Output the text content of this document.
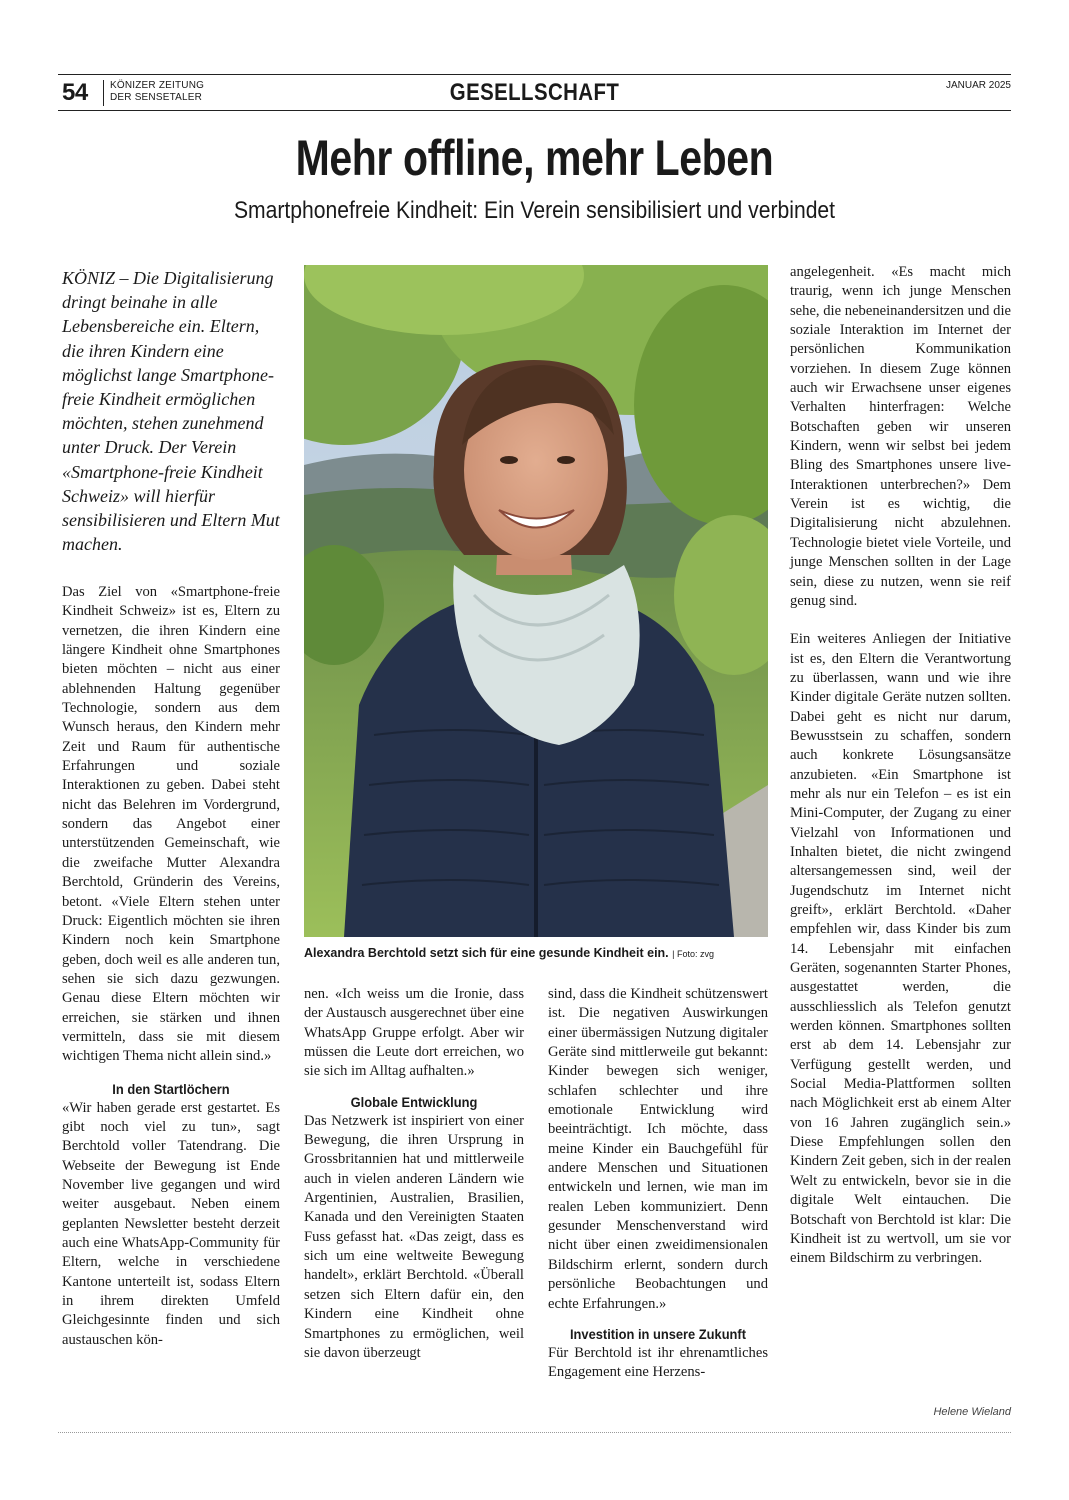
54 KÖNIZER ZEITUNG
DER SENSETALER	GESELLSCHAFT	JANUAR 2025
Mehr offline, mehr Leben
Smartphonefreie Kindheit: Ein Verein sensibilisiert und verbindet
KÖNIZ – Die Digitalisierung dringt beinahe in alle Lebensbereiche ein. Eltern, die ihren Kindern eine möglichst lange Smartphone-freie Kindheit ermöglichen möchten, stehen zunehmend unter Druck. Der Verein «Smartphone-freie Kindheit Schweiz» will hierfür sensibilisieren und Eltern Mut machen.

Das Ziel von «Smartphone-freie Kindheit Schweiz» ist es, Eltern zu vernetzen, die ihren Kindern eine längere Kindheit ohne Smartphones bieten möchten – nicht aus einer ablehnenden Haltung gegenüber Technologie, sondern aus dem Wunsch heraus, den Kindern mehr Zeit und Raum für authentische Erfahrungen und soziale Interaktionen zu geben. Dabei steht nicht das Belehren im Vordergrund, sondern das Angebot einer unterstützenden Gemeinschaft, wie die zweifache Mutter Alexandra Berchtold, Gründerin des Vereins, betont. «Viele Eltern stehen unter Druck: Eigentlich möchten sie ihren Kindern noch kein Smartphone geben, doch weil es alle anderen tun, sehen sie sich dazu gezwungen. Genau diese Eltern möchten wir erreichen, sie stärken und ihnen vermitteln, dass sie mit diesem wichtigen Thema nicht allein sind.»

In den Startlöchern

«Wir haben gerade erst gestartet. Es gibt noch viel zu tun», sagt Berchtold voller Tatendrang. Die Webseite der Bewegung ist Ende November live gegangen und wird weiter ausgebaut. Neben einem geplanten Newsletter besteht derzeit auch eine WhatsApp-Community für Eltern, welche in verschiedene Kantone unterteilt ist, sodass Eltern in ihrem direkten Umfeld Gleichgesinnte finden und sich austauschen kön-

Alexandra Berchtold setzt sich für eine gesunde Kindheit ein. | Foto: zvg

nen. «Ich weiss um die Ironie, dass der Austausch ausgerechnet über eine WhatsApp Gruppe erfolgt. Aber wir müssen die Leute dort erreichen, wo sie sich im Alltag aufhalten.»

Globale Entwicklung

Das Netzwerk ist inspiriert von einer Bewegung, die ihren Ursprung in Grossbritannien hat und mittlerweile auch in vielen anderen Ländern wie Argentinien, Australien, Brasilien, Kanada und den Vereinigten Staaten Fuss gefasst hat. «Das zeigt, dass es sich um eine weltweite Bewegung handelt», erklärt Berchtold. «Überall setzen sich Eltern dafür ein, den Kindern eine Kindheit ohne Smartphones zu ermöglichen, weil sie davon überzeugt

sind, dass die Kindheit schützenswert ist. Die negativen Auswirkungen einer übermässigen Nutzung digitaler Geräte sind mittlerweile gut bekannt: Kinder bewegen sich weniger, schlafen schlechter und ihre emotionale Entwicklung wird beeinträchtigt. Ich möchte, dass meine Kinder ein Bauchgefühl für andere Menschen und Situationen entwickeln und lernen, wie man im realen Leben kommuniziert. Denn gesunder Menschenverstand wird nicht über einen zweidimensionalen Bildschirm erlernt, sondern durch persönliche Beobachtungen und echte Erfahrungen.»

Investition in unsere Zukunft

Für Berchtold ist ihr ehrenamtliches Engagement eine Herzens-

angelegenheit. «Es macht mich traurig, wenn ich junge Menschen sehe, die nebeneinandersitzen und die soziale Interaktion im Internet der persönlichen Kommunikation vorziehen. In diesem Zuge können auch wir Erwachsene unser eigenes Verhalten hinterfragen: Welche Botschaften geben wir unseren Kindern, wenn wir selbst bei jedem Bling des Smartphones unsere live-Interaktionen unterbrechen?» Dem Verein ist es wichtig, die Digitalisierung nicht abzulehnen. Technologie bietet viele Vorteile, und junge Menschen sollten in der Lage sein, diese zu nutzen, wenn sie reif genug sind.

Ein weiteres Anliegen der Initiative ist es, den Eltern die Verantwortung zu überlassen, wann und wie ihre Kinder digitale Geräte nutzen sollten. Dabei geht es nicht nur darum, Bewusstsein zu schaffen, sondern auch konkrete Lösungsansätze anzubieten. «Ein Smartphone ist mehr als nur ein Telefon – es ist ein Mini-Computer, der Zugang zu einer Vielzahl von Informationen und Inhalten bietet, die nicht zwingend altersangemessen sind, weil der Jugendschutz im Internet nicht greift», erklärt Berchtold. «Daher empfehlen wir, dass Kinder bis zum 14. Lebensjahr mit einfachen Geräten, sogenannten Starter Phones, ausgestattet werden, die ausschliesslich als Telefon genutzt werden können. Smartphones sollten erst ab dem 14. Lebensjahr zur Verfügung gestellt werden, und Social Media-Plattformen sollten nach Möglichkeit erst ab einem Alter von 16 Jahren zugänglich sein.» Diese Empfehlungen sollen den Kindern Zeit geben, sich in der realen Welt zu entwickeln, bevor sie in die digitale Welt eintauchen. Die Botschaft von Berchtold ist klar: Die Kindheit ist zu wertvoll, um sie vor einem Bildschirm zu verbringen.

Helene Wieland
